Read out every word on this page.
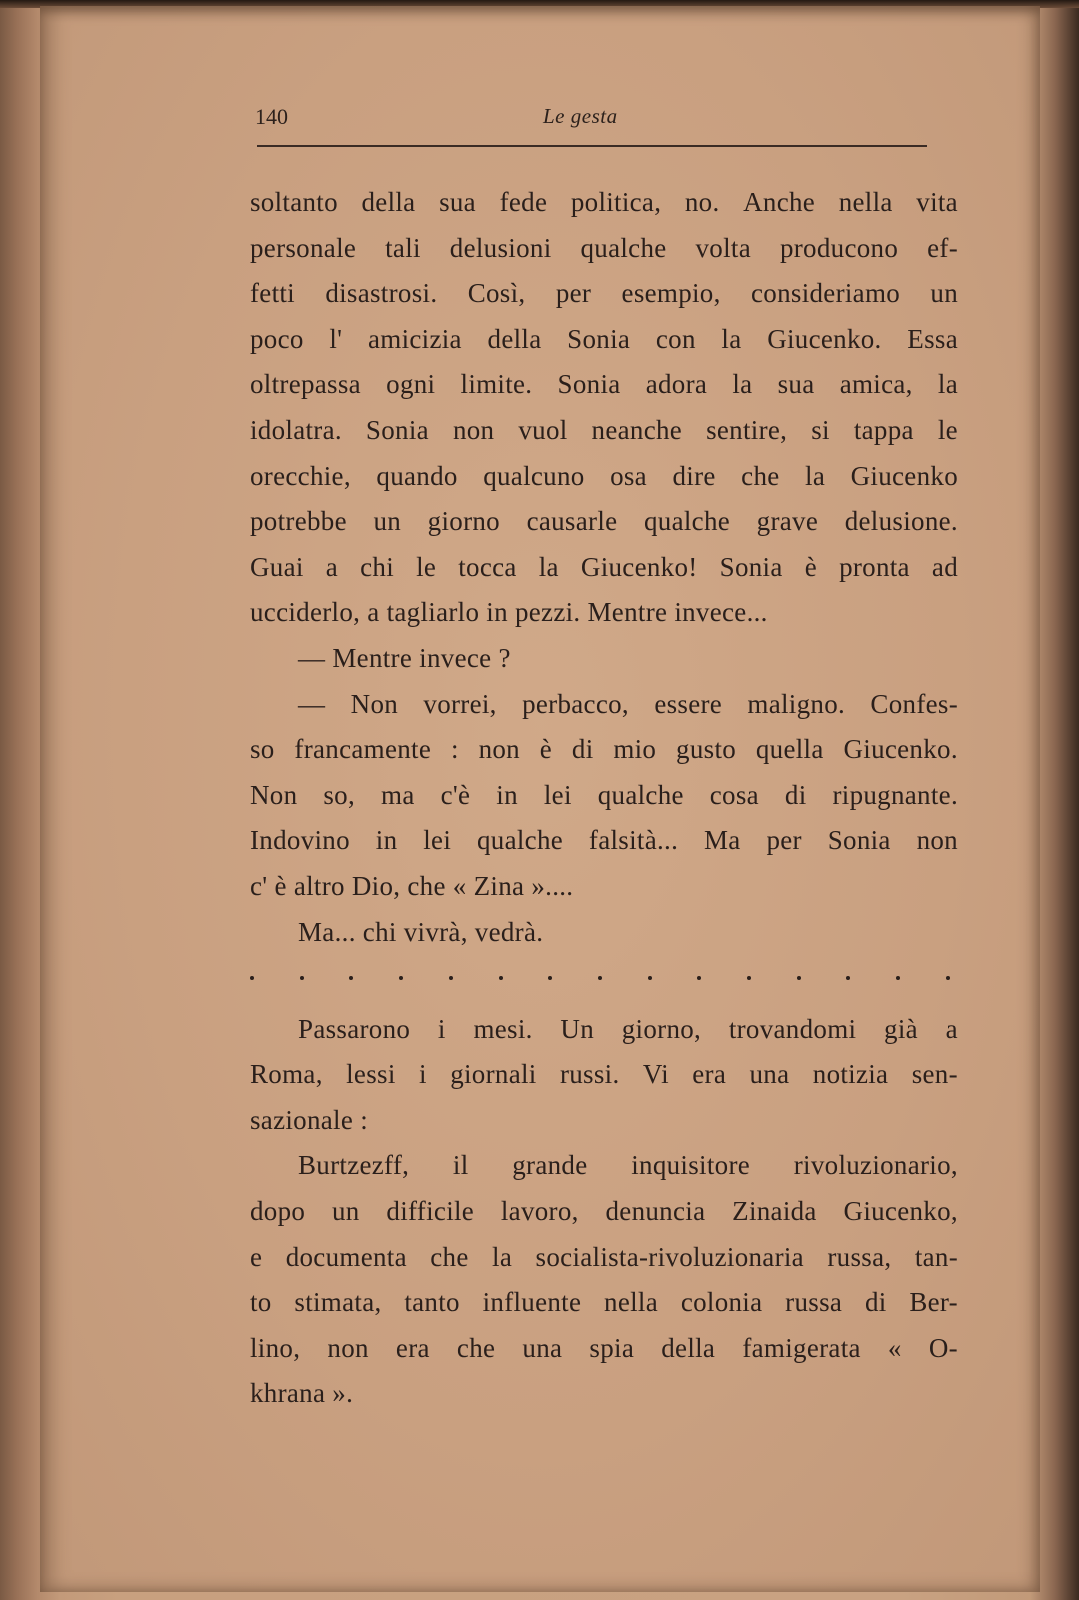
140	Le gesta
soltanto della sua fede politica, no. Anche nella vita
personale tali delusioni qualche volta producono ef-
fetti disastrosi. Così, per esempio, consideriamo un
poco l' amicizia della Sonia con la Giucenko. Essa
oltrepassa ogni limite. Sonia adora la sua amica, la
idolatra. Sonia non vuol neanche sentire, si tappa le
orecchie, quando qualcuno osa dire che la Giucenko
potrebbe un giorno causarle qualche grave delusione.
Guai a chi le tocca la Giucenko! Sonia è pronta ad
ucciderlo, a tagliarlo in pezzi. Mentre invece...
— Mentre invece ?
— Non vorrei, perbacco, essere maligno. Confes-
so francamente : non è di mio gusto quella Giucenko.
Non so, ma c'è in lei qualche cosa di ripugnante.
Indovino in lei qualche falsità... Ma per Sonia non
c' è altro Dio, che « Zina »....
Ma... chi vivrà, vedrà.
Passarono i mesi. Un giorno, trovandomi già a
Roma, lessi i giornali russi. Vi era una notizia sen-
sazionale :
Burtzezff, il grande inquisitore rivoluzionario,
dopo un difficile lavoro, denuncia Zinaida Giucenko,
e documenta che la socialista-rivoluzionaria russa, tan-
to stimata, tanto influente nella colonia russa di Ber-
lino, non era che una spia della famigerata « O-
khrana ».
